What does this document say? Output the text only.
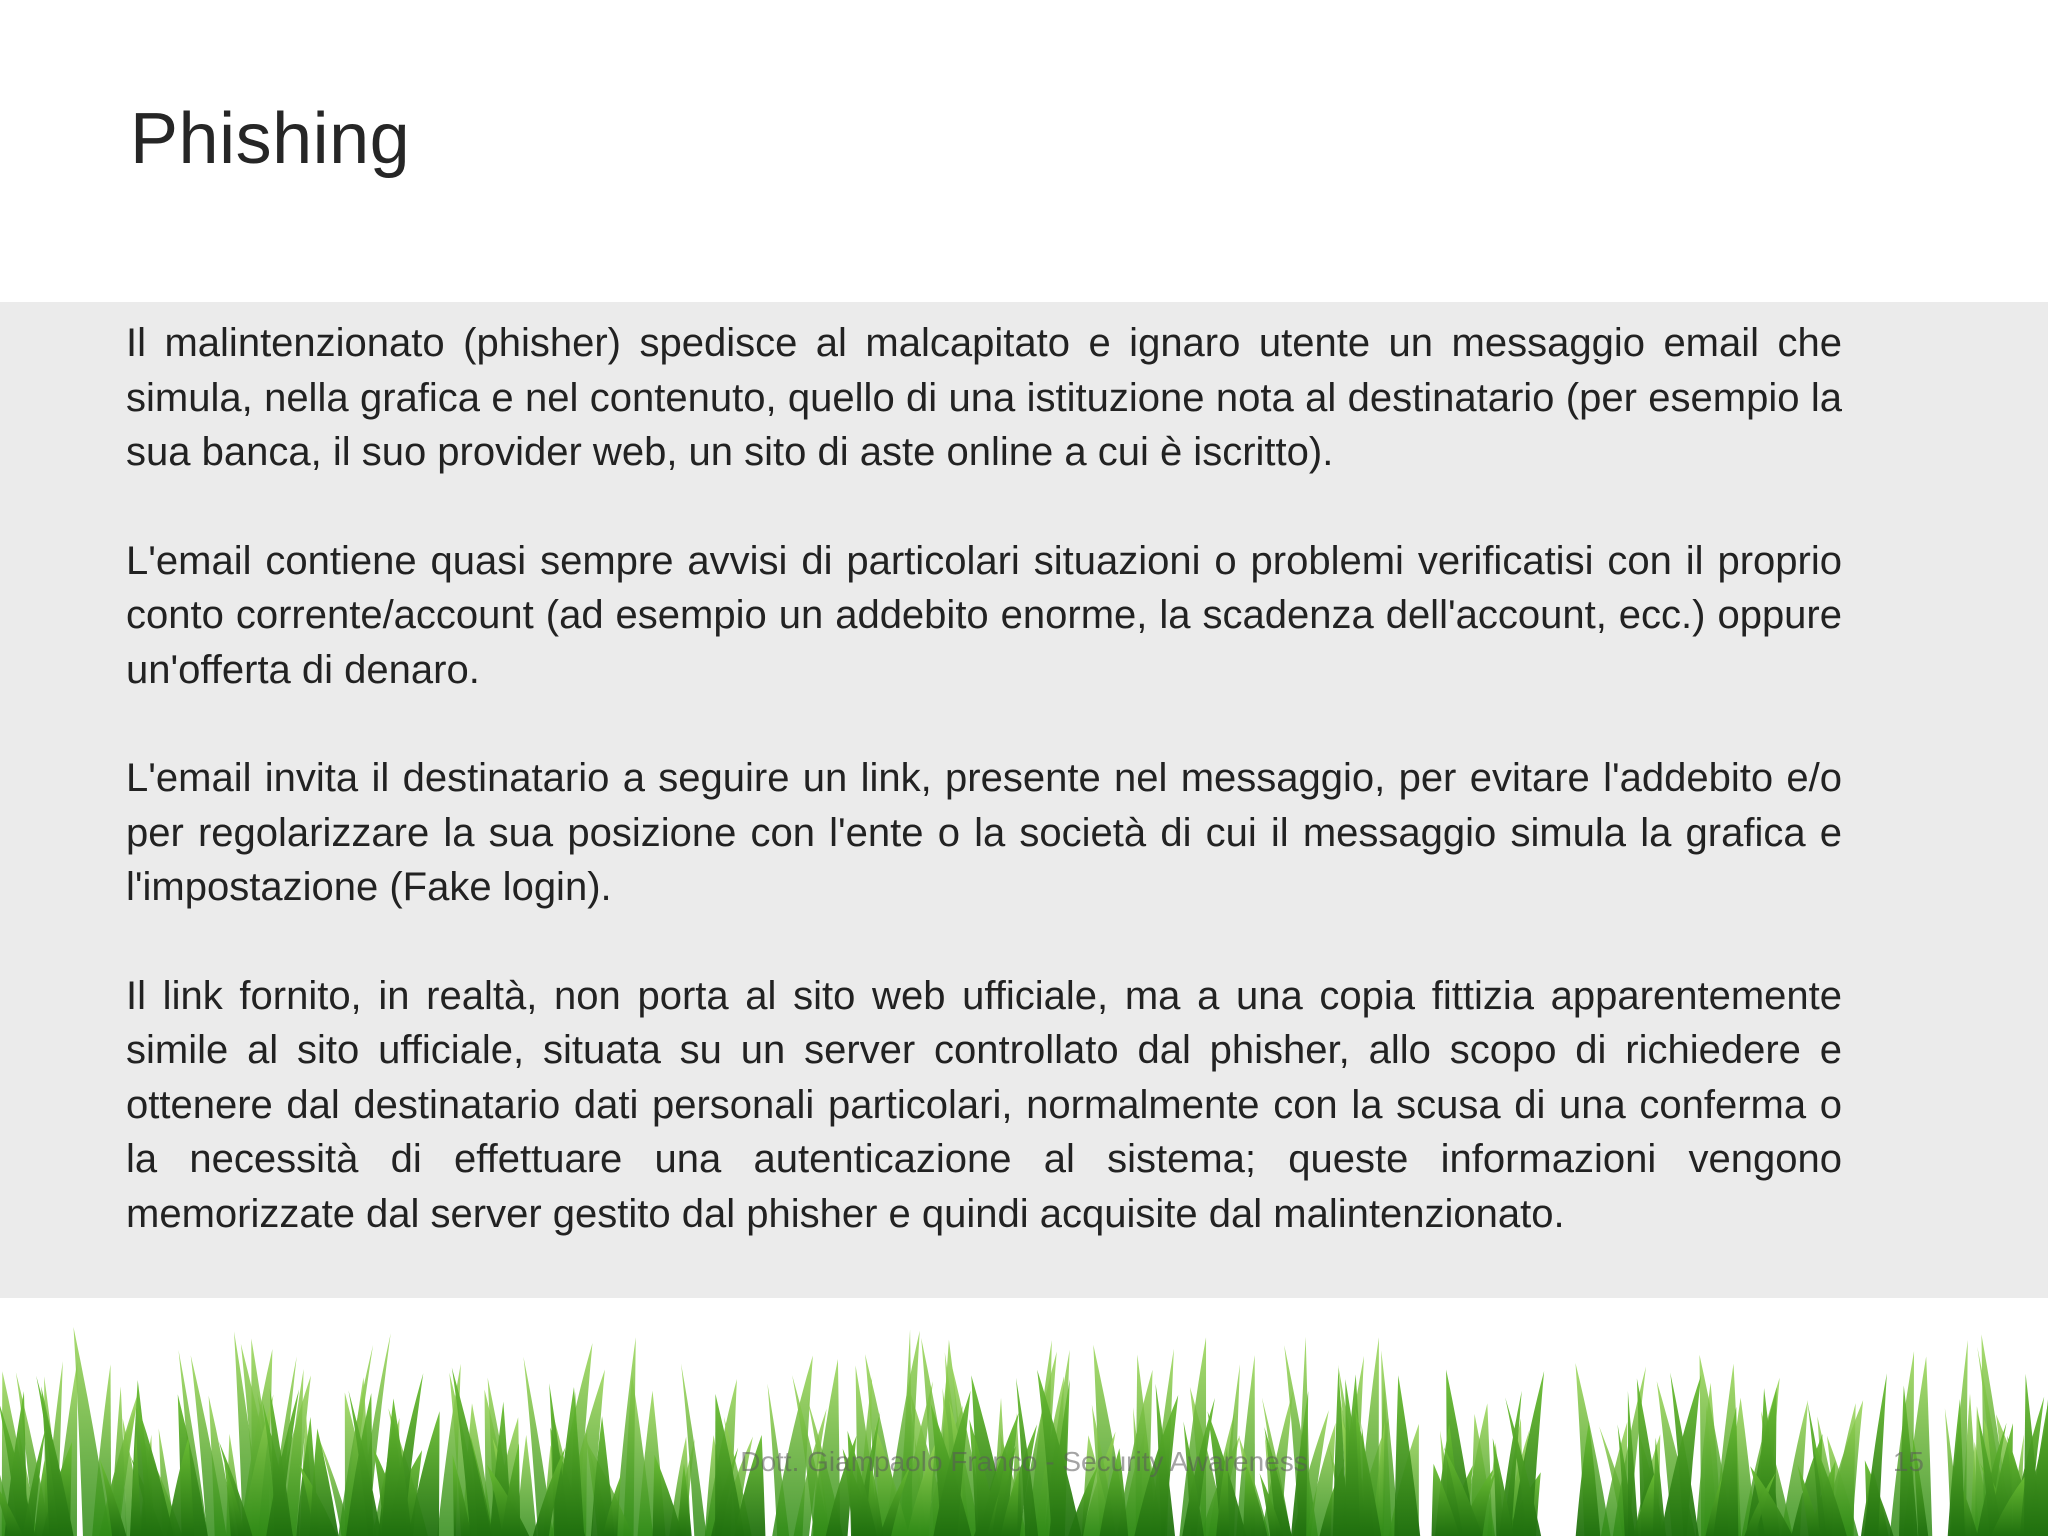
Phishing

Il malintenzionato (phisher) spedisce al malcapitato e ignaro utente un messaggio email che simula, nella grafica e nel contenuto, quello di una istituzione nota al destinatario (per esempio la sua banca, il suo provider web, un sito di aste online a cui è iscritto).

L'email contiene quasi sempre avvisi di particolari situazioni o problemi verificatisi con il proprio conto corrente/account (ad esempio un addebito enorme, la scadenza dell'account, ecc.) oppure un'offerta di denaro.

L'email invita il destinatario a seguire un link, presente nel messaggio, per evitare l'addebito e/o per regolarizzare la sua posizione con l'ente o la società di cui il messaggio simula la grafica e l'impostazione (Fake login).

Il link fornito, in realtà, non porta al sito web ufficiale, ma a una copia fittizia apparentemente simile al sito ufficiale, situata su un server controllato dal phisher, allo scopo di richiedere e ottenere dal destinatario dati personali particolari, normalmente con la scusa di una conferma o la necessità di effettuare una autenticazione al sistema; queste informazioni vengono memorizzate dal server gestito dal phisher e quindi acquisite dal malintenzionato.

Dott. Giampaolo Franco - Security Awareness	15
